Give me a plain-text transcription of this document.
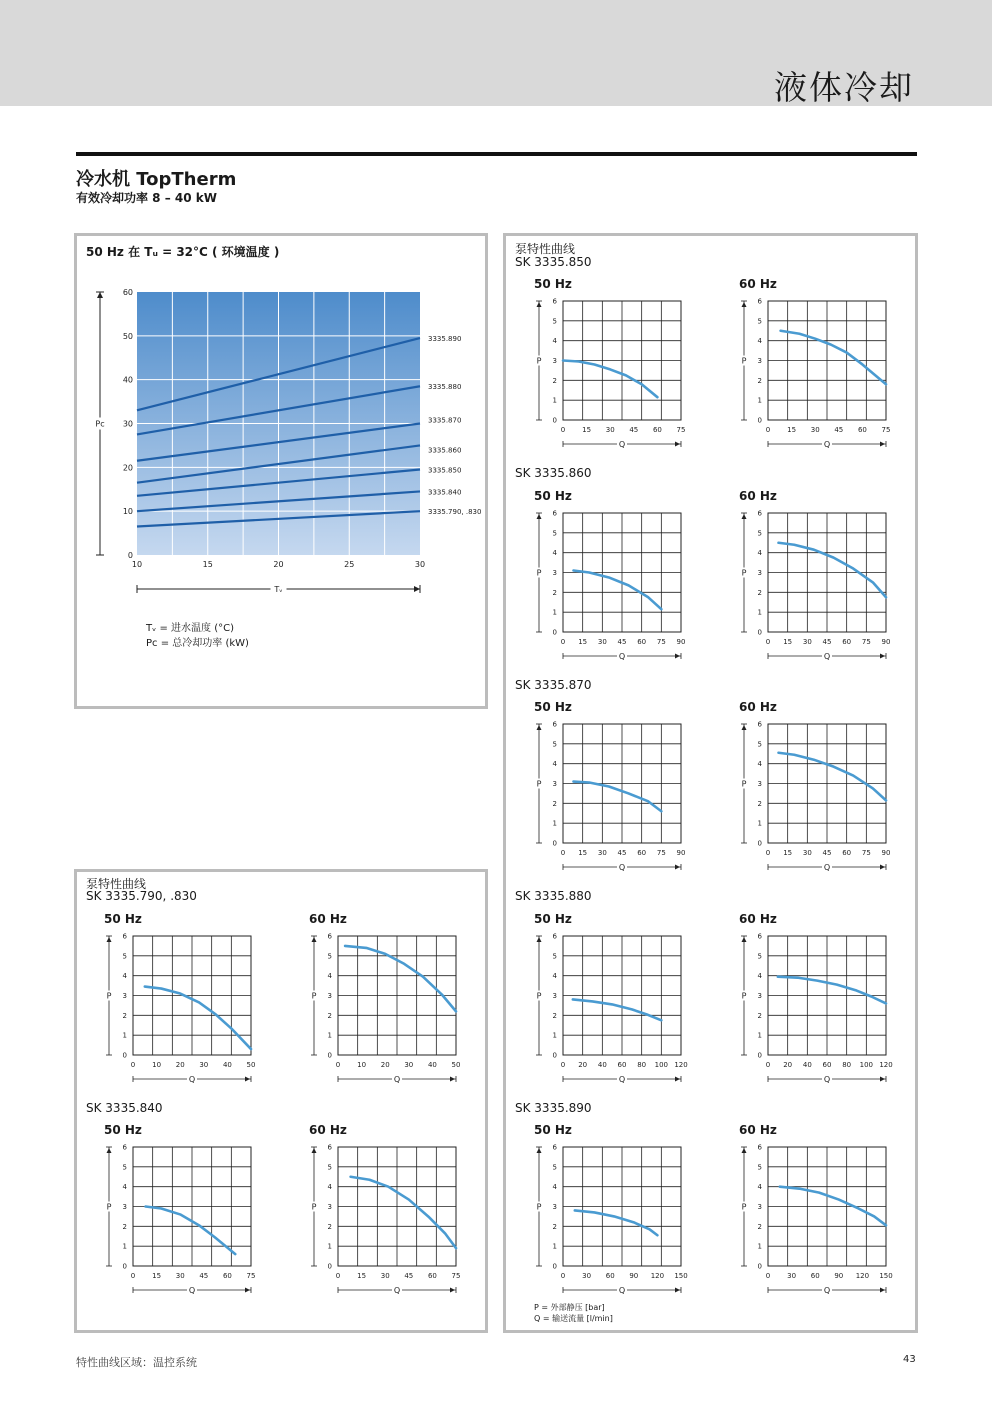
液体冷却
冷水机 TopTherm
有效冷却功率 8 – 40 kW
50 Hz 在 Tᵤ = 32°C ( 环境温度 )
0
10
20
30
40
50
60
10	15	20	25	30
Pᴄ
Tᵥ
3335.890
3335.880
3335.870
3335.860
3335.850
3335.840
3335.790, .830
Tᵥ = 进水温度 (°C)
Pᴄ = 总冷却功率 (kW)
泵特性曲线
SK 3335.790, .830
SK 3335.840
泵特性曲线
SK 3335.850
SK 3335.860
SK 3335.870
SK 3335.880
SK 3335.890
50 Hz	60 Hz
50 Hz	60 Hz
50 Hz	60 Hz
50 Hz	60 Hz
50 Hz	60 Hz
50 Hz	60 Hz
50 Hz	60 Hz
P = 外部静压 [bar]
Q = 输送流量 [l/min]
特性曲线区域：温控系统	43
0
1
2
3
4
5
6
0 15 30 45 60 75
P
Q
0
1
2
3
4
5
6
0 15 30 45 60 75
P
Q
0
1
2
3
4
5
6
0 15 30 45 60 75 90
P
Q
0
1
2
3
4
5
6
0 15 30 45 60 75 90
P
Q
0
1
2
3
4
5
6
0 15 30 45 60 75 90
P
Q
0
1
2
3
4
5
6
0 15 30 45 60 75 90
P
Q
0
1
2
3
4
5
6
0 20 40 60 80 100 120
P
Q
0
1
2
3
4
5
6
0 20 40 60 80 100 120
P
Q
0
1
2
3
4
5
6
0 30 60 90 120 150
P
Q
0
1
2
3
4
5
6
0 30 60 90 120 150
P
Q
0
1
2
3
4
5
6
0 10 20 30 40 50
P
Q
0
1
2
3
4
5
6
0 10 20 30 40 50
P
Q
0
1
2
3
4
5
6
0 15 30 45 60 75
P
Q
0
1
2
3
4
5
6
0 15 30 45 60 75
P
Q
